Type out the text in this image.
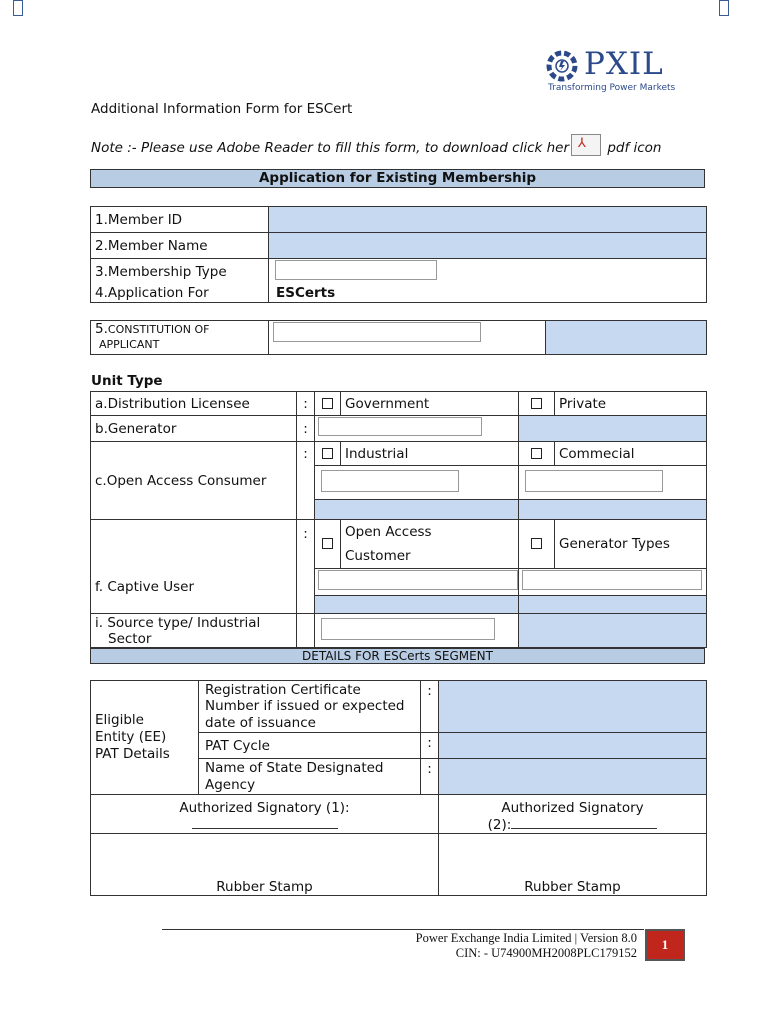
PXIL
Transforming Power Markets
Additional Information Form for ESCert
Note :- Please use Adobe Reader to fill this form, to download click her ⅄ pdf icon
Application for Existing Membership
1.Member ID	
2.Member Name	
3.Membership Type	
4.Application For	ESCerts
5.CONSTITUTION OF
APPLICANT		
Unit Type
a.Distribution Licensee	:		Government		Private
b.Generator	:				
c.Open Access Consumer	:		Industrial		Commecial

f. Captive User	:		Open Access
Customer		Generator Types

i. Source type/ Industrial
Sector					
DETAILS FOR ESCerts SEGMENT
Eligible
Entity (EE)
PAT Details	Registration Certificate Number if issued or expected date of issuance	:	
	PAT Cycle	:	
	Name of State Designated Agency	:	
Authorized Signatory (1):			Authorized Signatory
(2):
Rubber Stamp			Rubber Stamp
Power Exchange India Limited | Version 8.0
CIN: - U74900MH2008PLC179152
1
